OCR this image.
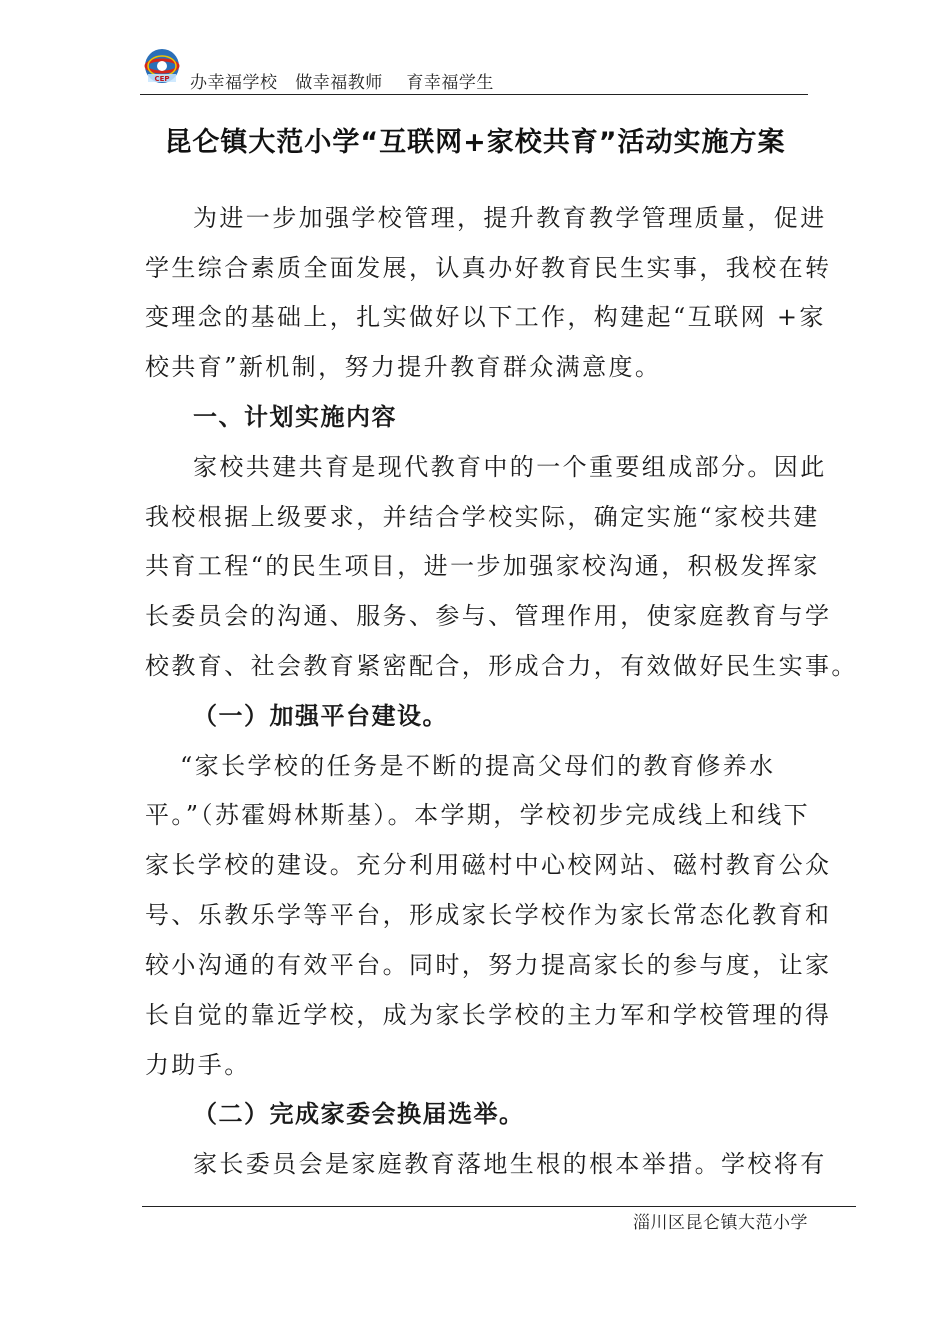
CEP 办幸福学校   做幸福教师    育幸福学生
昆仑镇大范小学“互联网+家校共育”活动实施方案
为进一步加强学校管理，提升教育教学管理质量，促进
学生综合素质全面发展，认真办好教育民生实事，我校在转
变理念的基础上，扎实做好以下工作，构建起“互联网 +家
校共育”新机制，努力提升教育群众满意度。
一、计划实施内容
家校共建共育是现代教育中的一个重要组成部分。因此
我校根据上级要求，并结合学校实际，确定实施“家校共建
共育工程“的民生项目，进一步加强家校沟通，积极发挥家
长委员会的沟通、服务、参与、管理作用，使家庭教育与学
校教育、社会教育紧密配合，形成合力，有效做好民生实事。
（一）加强平台建设。
“家长学校的任务是不断的提高父母们的教育修养水
平。”（苏霍姆林斯基）。本学期，学校初步完成线上和线下
家长学校的建设。充分利用磁村中心校网站、磁村教育公众
号、乐教乐学等平台，形成家长学校作为家长常态化教育和
较小沟通的有效平台。同时，努力提高家长的参与度，让家
长自觉的靠近学校，成为家长学校的主力军和学校管理的得
力助手。
（二）完成家委会换届选举。
家长委员会是家庭教育落地生根的根本举措。学校将有
淄川区昆仑镇大范小学
